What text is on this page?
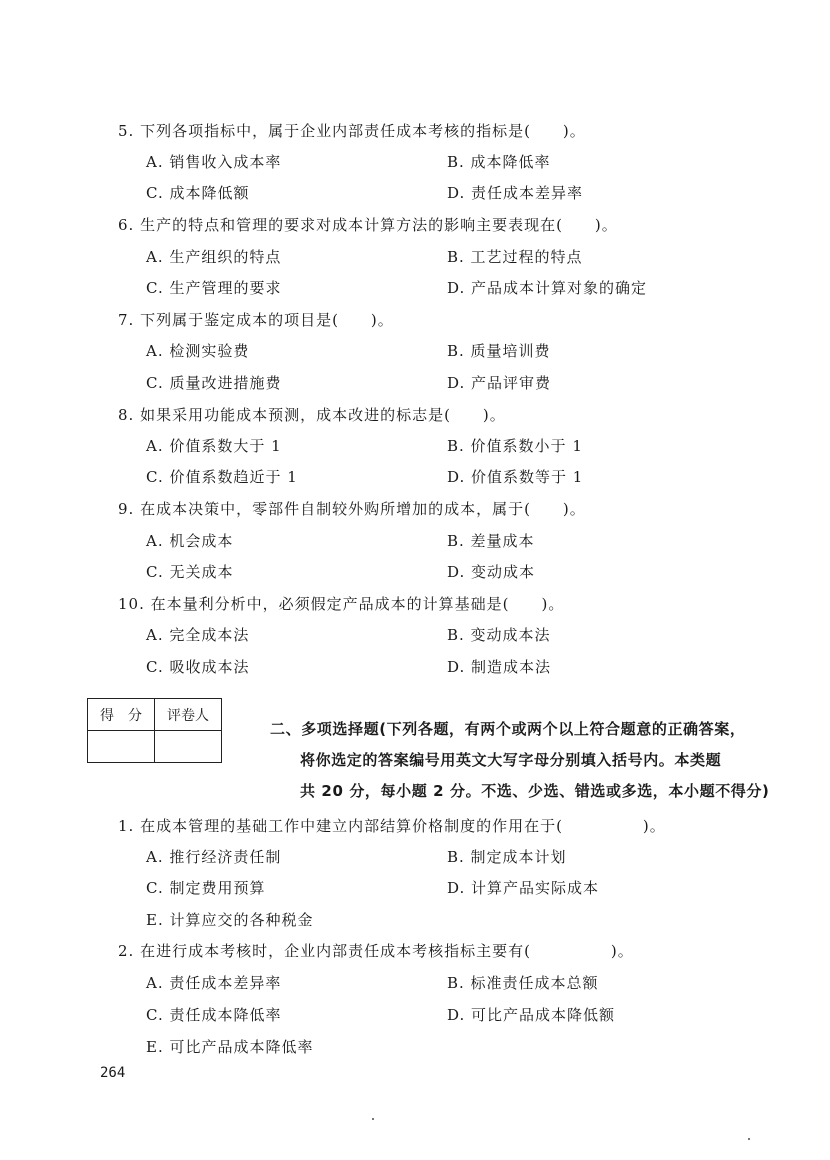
5. 下列各项指标中，属于企业内部责任成本考核的指标是(　　)。
A. 销售收入成本率	B. 成本降低率
C. 成本降低额	D. 责任成本差异率
6. 生产的特点和管理的要求对成本计算方法的影响主要表现在(　　)。
A. 生产组织的特点	B. 工艺过程的特点
C. 生产管理的要求	D. 产品成本计算对象的确定
7. 下列属于鉴定成本的项目是(　　)。
A. 检测实验费	B. 质量培训费
C. 质量改进措施费	D. 产品评审费
8. 如果采用功能成本预测，成本改进的标志是(　　)。
A. 价值系数大于 1	B. 价值系数小于 1
C. 价值系数趋近于 1	D. 价值系数等于 1
9. 在成本决策中，零部件自制较外购所增加的成本，属于(　　)。
A. 机会成本	B. 差量成本
C. 无关成本	D. 变动成本
10. 在本量利分析中，必须假定产品成本的计算基础是(　　)。
A. 完全成本法	B. 变动成本法
C. 吸收成本法	D. 制造成本法
得　分	评卷人

二、多项选择题(下列各题，有两个或两个以上符合题意的正确答案，
将你选定的答案编号用英文大写字母分别填入括号内。本类题
共 20 分，每小题 2 分。不选、少选、错选或多选，本小题不得分)
1. 在成本管理的基础工作中建立内部结算价格制度的作用在于(　　　　　)。
A. 推行经济责任制	B. 制定成本计划
C. 制定费用预算	D. 计算产品实际成本
E. 计算应交的各种税金
2. 在进行成本考核时，企业内部责任成本考核指标主要有(　　　　　)。
A. 责任成本差异率	B. 标准责任成本总额
C. 责任成本降低率	D. 可比产品成本降低额
E. 可比产品成本降低率
264
